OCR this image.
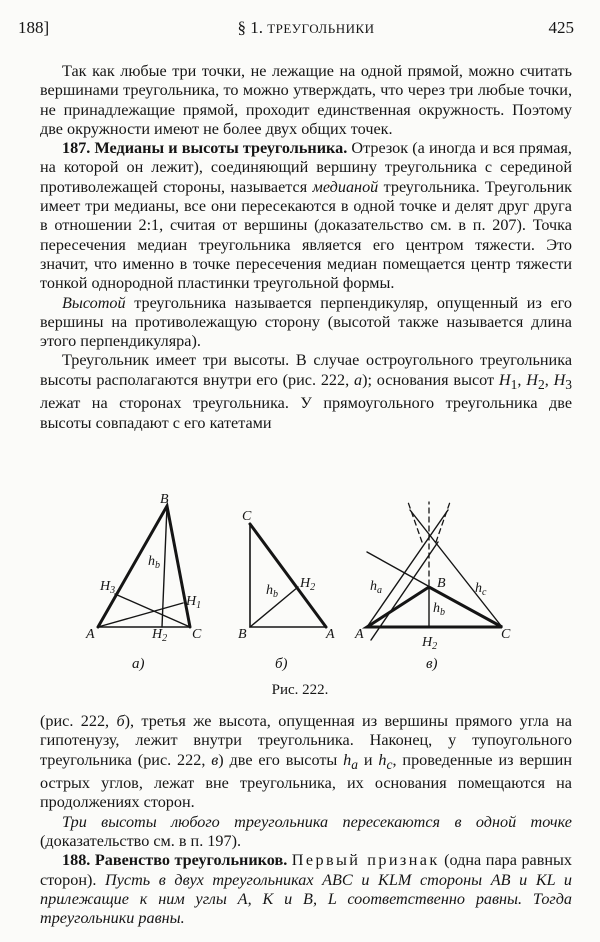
188]	§ 1. ТРЕУГОЛЬНИКИ	425

Так как любые три точки, не лежащие на одной прямой, можно считать вершинами треугольника, то можно утверждать, что через три любые точки, не принадлежащие прямой, проходит единственная окружность. Поэтому две окружности имеют не более двух общих точек.

187. Медианы и высоты треугольника. Отрезок (а иногда и вся прямая, на которой он лежит), соединяющий вершину треугольника с серединой противолежащей стороны, называется медианой треугольника. Треугольник имеет три медианы, все они пересекаются в одной точке и делят друг друга в отношении 2:1, считая от вершины (доказательство см. в п. 207). Точка пересечения медиан треугольника является его центром тяжести. Это значит, что именно в точке пересечения медиан помещается центр тяжести тонкой однородной пластинки треугольной формы.

Высотой треугольника называется перпендикуляр, опущенный из его вершины на противолежащую сторону (высотой также называется длина этого перпендикуляра).

Треугольник имеет три высоты. В случае остроугольного треугольника высоты располагаются внутри его (рис. 222, а); основания высот $H_1$, $H_2$, $H_3$ лежат на сторонах треугольника. У прямоугольного треугольника две высоты совпадают с его катетами

B
A	C
$H_2$
$H_3$
$H_1$
$h_b$
C
B	A
$H_2$
$h_b$
A	C
B
$H_2$
$h_b$
$h_a$	$h_c$
а)	б)	в)
Рис. 222.

(рис. 222, б), третья же высота, опущенная из вершины прямого угла на гипотенузу, лежит внутри треугольника. Наконец, у тупоугольного треугольника (рис. 222, в) две его высоты $h_a$ и $h_c$, проведенные из вершин острых углов, лежат вне треугольника, их основания помещаются на продолжениях сторон.

Три высоты любого треугольника пересекаются в одной точке (доказательство см. в п. 197).

188. Равенство треугольников. Первый признак (одна пара равных сторон). Пусть в двух треугольниках ABC и KLM стороны AB и KL и прилежащие к ним углы A, K и B, L соответственно равны. Тогда треугольники равны.
